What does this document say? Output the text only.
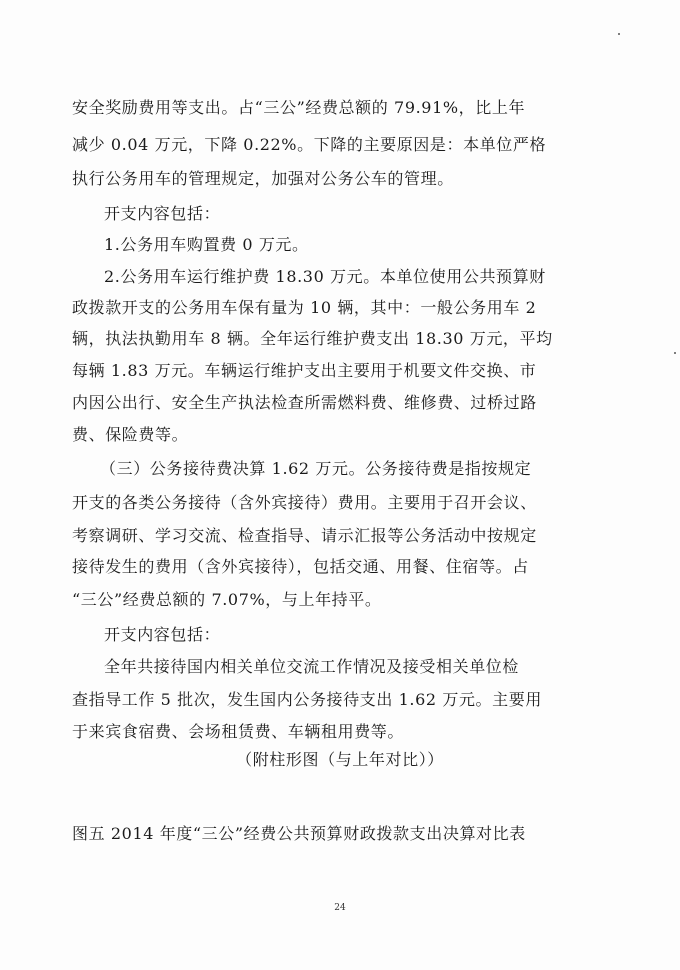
安全奖励费用等支出。占“三公”经费总额的 79.91%，比上年
减少 0.04 万元，下降 0.22%。下降的主要原因是：本单位严格
执行公务用车的管理规定，加强对公务公车的管理。
开支内容包括：
1.公务用车购置费 0 万元。
2.公务用车运行维护费 18.30 万元。本单位使用公共预算财
政拨款开支的公务用车保有量为 10 辆，其中：一般公务用车 2
辆，执法执勤用车 8 辆。全年运行维护费支出 18.30 万元，平均
每辆 1.83 万元。车辆运行维护支出主要用于机要文件交换、市
内因公出行、安全生产执法检查所需燃料费、维修费、过桥过路
费、保险费等。
（三）公务接待费决算 1.62 万元。公务接待费是指按规定
开支的各类公务接待（含外宾接待）费用。主要用于召开会议、
考察调研、学习交流、检查指导、请示汇报等公务活动中按规定
接待发生的费用（含外宾接待），包括交通、用餐、住宿等。占
“三公”经费总额的 7.07%，与上年持平。
开支内容包括：
全年共接待国内相关单位交流工作情况及接受相关单位检
查指导工作 5 批次，发生国内公务接待支出 1.62 万元。主要用
于来宾食宿费、会场租赁费、车辆租用费等。
（附柱形图（与上年对比））
图五 2014 年度“三公”经费公共预算财政拨款支出决算对比表
24
